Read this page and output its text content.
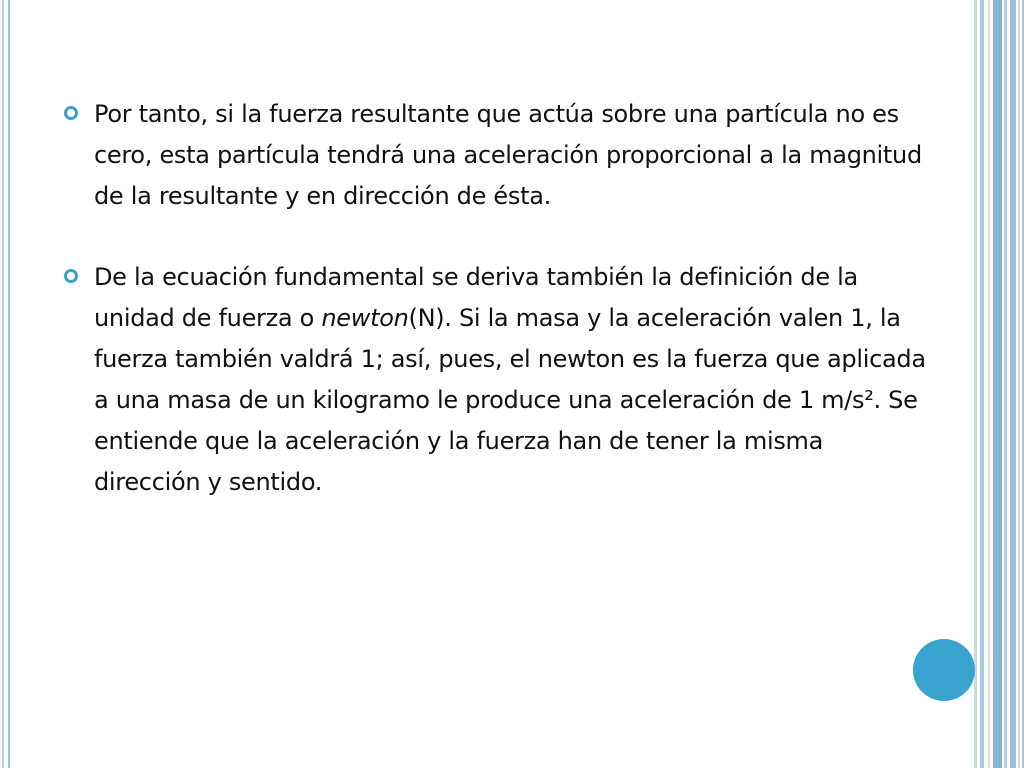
Por tanto, si la fuerza resultante que actúa sobre una partícula no es cero, esta partícula tendrá una aceleración proporcional a la magnitud de la resultante y en dirección de ésta.
De la ecuación fundamental se deriva también la definición de la unidad de fuerza o newton(N). Si la masa y la aceleración valen 1, la fuerza también valdrá 1; así, pues, el newton es la fuerza que aplicada a una masa de un kilogramo le produce una aceleración de 1 m/s². Se entiende que la aceleración y la fuerza han de tener la misma dirección y sentido.
